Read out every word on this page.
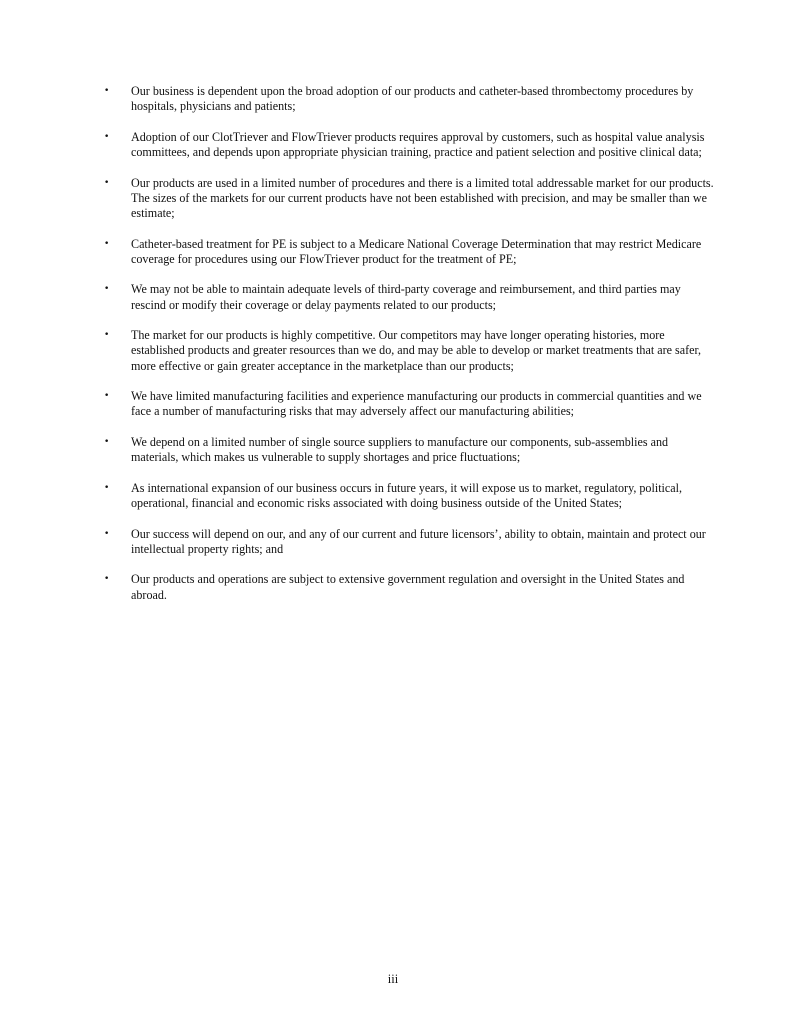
•	Our business is dependent upon the broad adoption of our products and catheter-based thrombectomy procedures by hospitals, physicians and patients;
•	Adoption of our ClotTriever and FlowTriever products requires approval by customers, such as hospital value analysis committees, and depends upon appropriate physician training, practice and patient selection and positive clinical data;
•	Our products are used in a limited number of procedures and there is a limited total addressable market for our products. The sizes of the markets for our current products have not been established with precision, and may be smaller than we estimate;
•	Catheter-based treatment for PE is subject to a Medicare National Coverage Determination that may restrict Medicare coverage for procedures using our FlowTriever product for the treatment of PE;
•	We may not be able to maintain adequate levels of third-party coverage and reimbursement, and third parties may rescind or modify their coverage or delay payments related to our products;
•	The market for our products is highly competitive. Our competitors may have longer operating histories, more established products and greater resources than we do, and may be able to develop or market treatments that are safer, more effective or gain greater acceptance in the marketplace than our products;
•	We have limited manufacturing facilities and experience manufacturing our products in commercial quantities and we face a number of manufacturing risks that may adversely affect our manufacturing abilities;
•	We depend on a limited number of single source suppliers to manufacture our components, sub-assemblies and materials, which makes us vulnerable to supply shortages and price fluctuations;
•	As international expansion of our business occurs in future years, it will expose us to market, regulatory, political, operational, financial and economic risks associated with doing business outside of the United States;
•	Our success will depend on our, and any of our current and future licensors’, ability to obtain, maintain and protect our intellectual property rights; and
•	Our products and operations are subject to extensive government regulation and oversight in the United States and abroad.
iii
